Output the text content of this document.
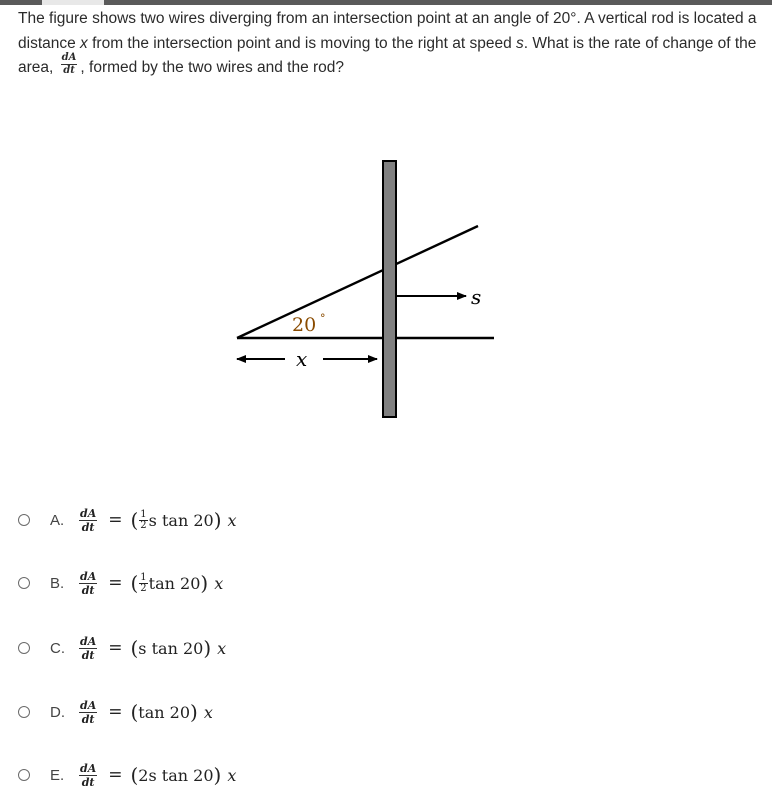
The figure shows two wires diverging from an intersection point at an angle of 20°. A vertical rod is located a distance x from the intersection point and is moving to the right at speed s. What is the rate of change of the area, $\frac{dA}{dt}$ , formed by the two wires and the rod?
s
20 °
x
A.	$\frac{dA}{dt}$ = ( $\frac{1}{2}$ s tan 20 ) x
B.	$\frac{dA}{dt}$ = ( $\frac{1}{2}$ tan 20 ) x
C.	$\frac{dA}{dt}$ = ( s tan 20 ) x
D.	$\frac{dA}{dt}$ = ( tan 20 ) x
E.	$\frac{dA}{dt}$ = ( 2s tan 20 ) x
